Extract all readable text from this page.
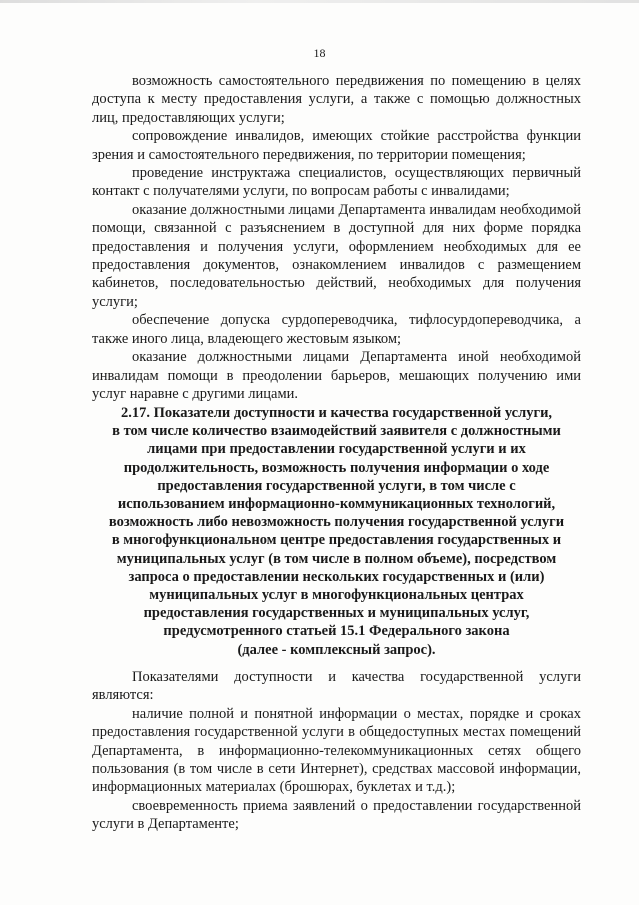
18

возможность самостоятельного передвижения по помещению в целях доступа к месту предоставления услуги, а также с помощью должностных лиц, предоставляющих услуги;

сопровождение инвалидов, имеющих стойкие расстройства функции зрения и самостоятельного передвижения, по территории помещения;

проведение инструктажа специалистов, осуществляющих первичный контакт с получателями услуги, по вопросам работы с инвалидами;

оказание должностными лицами Департамента инвалидам необходимой помощи, связанной с разъяснением в доступной для них форме порядка предоставления и получения услуги, оформлением необходимых для ее предоставления документов, ознакомлением инвалидов с размещением кабинетов, последовательностью действий, необходимых для получения услуги;

обеспечение допуска сурдопереводчика, тифлосурдопереводчика, а также иного лица, владеющего жестовым языком;

оказание должностными лицами Департамента иной необходимой инвалидам помощи в преодолении барьеров, мешающих получению ими услуг наравне с другими лицами.

2.17. Показатели доступности и качества государственной услуги,
в том числе количество взаимодействий заявителя с должностными
лицами при предоставлении государственной услуги и их
продолжительность, возможность получения информации о ходе
предоставления государственной услуги, в том числе с
использованием информационно-коммуникационных технологий,
возможность либо невозможность получения государственной услуги
в многофункциональном центре предоставления государственных и
муниципальных услуг (в том числе в полном объеме), посредством
запроса о предоставлении нескольких государственных и (или)
муниципальных услуг в многофункциональных центрах
предоставления государственных и муниципальных услуг,
предусмотренного статьей 15.1 Федерального закона
(далее - комплексный запрос).

Показателями доступности и качества государственной услуги являются:

наличие полной и понятной информации о местах, порядке и сроках предоставления государственной услуги в общедоступных местах помещений Департамента, в информационно-телекоммуникационных сетях общего пользования (в том числе в сети Интернет), средствах массовой информации, информационных материалах (брошюрах, буклетах и т.д.);

своевременность приема заявлений о предоставлении государственной услуги в Департаменте;
